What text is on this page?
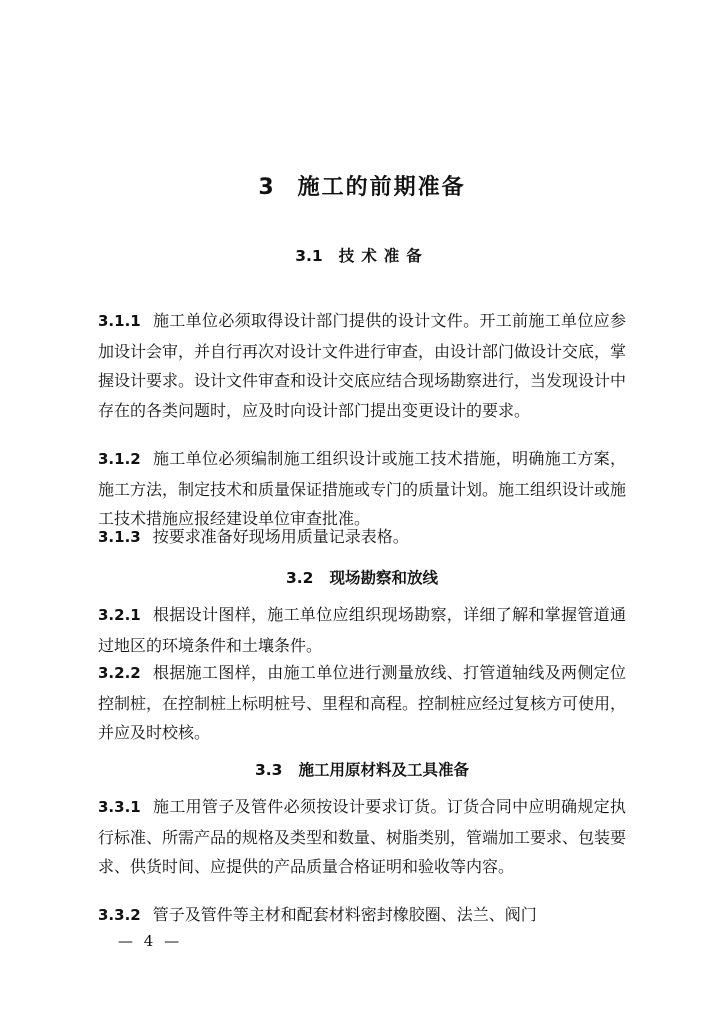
3 施工的前期准备
3.1 技术准备
3.1.1 施工单位必须取得设计部门提供的设计文件。开工前施工单位应参加设计会审，并自行再次对设计文件进行审查，由设计部门做设计交底，掌握设计要求。设计文件审查和设计交底应结合现场勘察进行，当发现设计中存在的各类问题时，应及时向设计部门提出变更设计的要求。
3.1.2 施工单位必须编制施工组织设计或施工技术措施，明确施工方案，施工方法，制定技术和质量保证措施或专门的质量计划。施工组织设计或施工技术措施应报经建设单位审查批准。
3.1.3 按要求准备好现场用质量记录表格。
3.2 现场勘察和放线
3.2.1 根据设计图样，施工单位应组织现场勘察，详细了解和掌握管道通过地区的环境条件和土壤条件。
3.2.2 根据施工图样，由施工单位进行测量放线、打管道轴线及两侧定位控制桩，在控制桩上标明桩号、里程和高程。控制桩应经过复核方可使用，并应及时校核。
3.3 施工用原材料及工具准备
3.3.1 施工用管子及管件必须按设计要求订货。订货合同中应明确规定执行标准、所需产品的规格及类型和数量、树脂类别，管端加工要求、包装要求、供货时间、应提供的产品质量合格证明和验收等内容。
3.3.2 管子及管件等主材和配套材料密封橡胶圈、法兰、阀门
— 4 —
